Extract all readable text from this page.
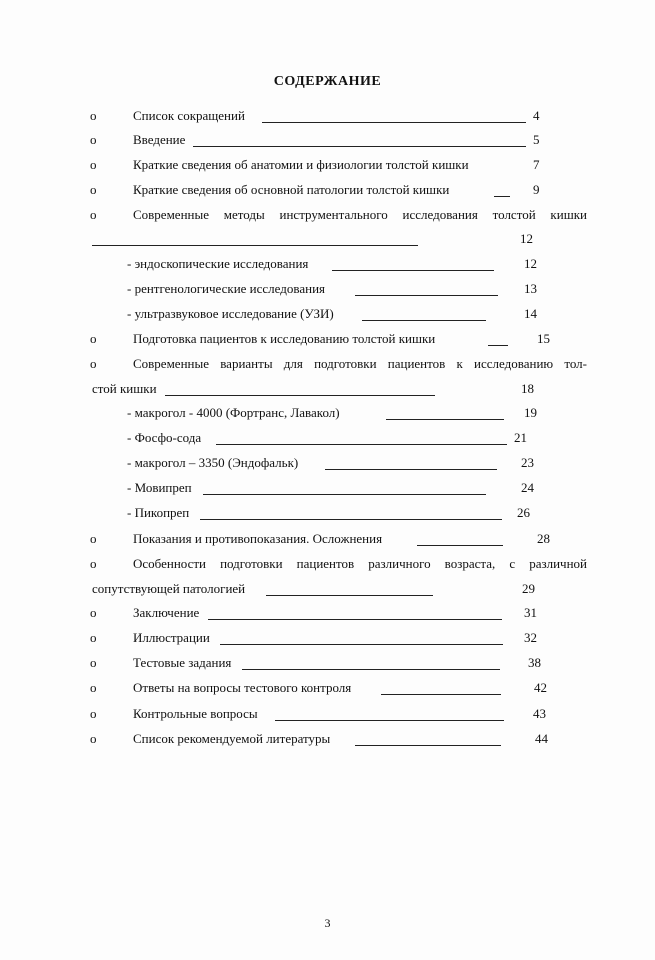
СОДЕРЖАНИЕ
o	Список сокращений	4
o	Введение	5
o	Краткие сведения об анатомии и физиологии толстой кишки	7
o	Краткие сведения об основной патологии толстой кишки	9
o	Современные методы инструментального исследования толстой кишки
12
- эндоскопические исследования	12
- рентгенологические исследования	13
- ультразвуковое исследование (УЗИ)	14
o	Подготовка пациентов к исследованию толстой кишки	15
o	Современные варианты для подготовки пациентов к исследованию тол-
стой кишки	18
- макрогол - 4000 (Фортранс, Лавакол)	19
- Фосфо-сода	21
- макрогол – 3350 (Эндофальк)	23
- Мовипреп	24
- Пикопреп	26
o	Показания и противопоказания. Осложнения	28
o	Особенности подготовки пациентов различного возраста, с различной
сопутствующей патологией	29
o	Заключение	31
o	Иллюстрации	32
o	Тестовые задания	38
o	Ответы на вопросы тестового контроля	42
o	Контрольные вопросы	43
o	Список рекомендуемой литературы	44
3
